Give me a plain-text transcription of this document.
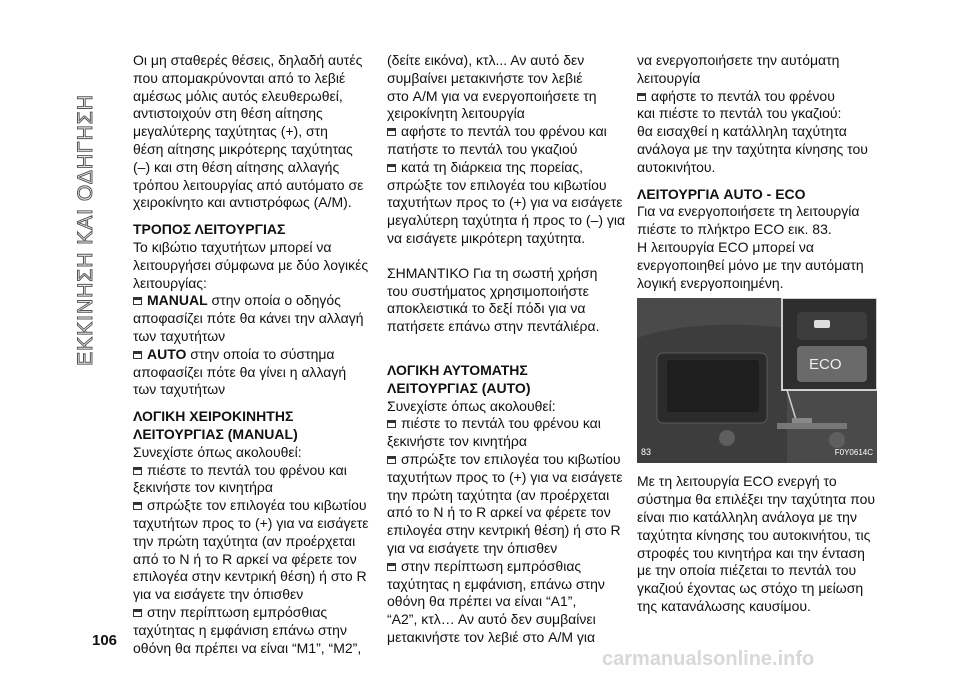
ΕΚΚΙΝΗΣΗ ΚΑΙ ΟΔΗΓΗΣΗ

Οι μη σταθερές θέσεις, δηλαδή αυτές

που απομακρύνονται από το λεβιέ

αμέσως μόλις αυτός ελευθερωθεί,

αντιστοιχούν στη θέση αίτησης

μεγαλύτερης ταχύτητας (+), στη

θέση αίτησης μικρότερης ταχύτητας

(–) και στη θέση αίτησης αλλαγής

τρόπου λειτουργίας από αυτόματο σε

χειροκίνητο και αντιστρόφως (A/M).

ΤΡΟΠΟΣ ΛΕΙΤΟΥΡΓΙΑΣ

Το κιβώτιο ταχυτήτων μπορεί να

λειτουργήσει σύμφωνα με δύο λογικές

λειτουργίας:

MANUAL στην οποία ο οδηγός

αποφασίζει πότε θα κάνει την αλλαγή

των ταχυτήτων

AUTO στην οποία το σύστημα

αποφασίζει πότε θα γίνει η αλλαγή

των ταχυτήτων

ΛΟΓΙΚΗ ΧΕΙΡΟΚΙΝΗΤΗΣ

ΛΕΙΤΟΥΡΓΙΑΣ (MANUAL)

Συνεχίστε όπως ακολουθεί:

πιέστε το πεντάλ του φρένου και

ξεκινήστε τον κινητήρα

σπρώξτε τον επιλογέα του κιβωτίου

ταχυτήτων προς το (+) για να εισάγετε

την πρώτη ταχύτητα (αν προέρχεται

από το N ή το R αρκεί να φέρετε τον

επιλογέα στην κεντρική θέση) ή στο R

για να εισάγετε την όπισθεν

στην περίπτωση εμπρόσθιας

ταχύτητας η εμφάνιση επάνω στην

οθόνη θα πρέπει να είναι “M1”, “M2”,

(δείτε εικόνα), κτλ... Αν αυτό δεν

συμβαίνει μετακινήστε τον λεβιέ

στο A/M για να ενεργοποιήσετε τη

χειροκίνητη λειτουργία

αφήστε το πεντάλ του φρένου και

πατήστε το πεντάλ του γκαζιού

κατά τη διάρκεια της πορείας,

σπρώξτε τον επιλογέα του κιβωτίου

ταχυτήτων προς το (+) για να εισάγετε

μεγαλύτερη ταχύτητα ή προς το (–) για

να εισάγετε μικρότερη ταχύτητα.

ΣΗΜΑΝΤΙΚΟ Για τη σωστή χρήση

του συστήματος χρησιμοποιήστε

αποκλειστικά το δεξί πόδι για να

πατήσετε επάνω στην πεντάλιέρα.

ΛΟΓΙΚΗ ΑΥΤΟΜΑΤΗΣ

ΛΕΙΤΟΥΡΓΙΑΣ (AUTO)

Συνεχίστε όπως ακολουθεί:

πιέστε το πεντάλ του φρένου και

ξεκινήστε τον κινητήρα

σπρώξτε τον επιλογέα του κιβωτίου

ταχυτήτων προς το (+) για να εισάγετε

την πρώτη ταχύτητα (αν προέρχεται

από το N ή το R αρκεί να φέρετε τον

επιλογέα στην κεντρική θέση) ή στο R

για να εισάγετε την όπισθεν

στην περίπτωση εμπρόσθιας

ταχύτητας η εμφάνιση, επάνω στην

οθόνη θα πρέπει να είναι “A1”,

“A2”, κτλ… Αν αυτό δεν συμβαίνει

μετακινήστε τον λεβιέ στο A/M για

να ενεργοποιήσετε την αυτόματη

λειτουργία

αφήστε το πεντάλ του φρένου

και πιέστε το πεντάλ του γκαζιού:

θα εισαχθεί η κατάλληλη ταχύτητα

ανάλογα με την ταχύτητα κίνησης του

αυτοκινήτου.

ΛΕΙΤΟΥΡΓΙΑ AUTO - ECO

Για να ενεργοποιήσετε τη λειτουργία

πιέστε το πλήκτρο ECO εικ. 83.

Η λειτουργία ECO μπορεί να

ενεργοποιηθεί μόνο με την αυτόματη

λογική ενεργοποιημένη.

ECO
83	F0Y0614C

Με τη λειτουργία ECO ενεργή το

σύστημα θα επιλέξει την ταχύτητα που

είναι πιο κατάλληλη ανάλογα με την

ταχύτητα κίνησης του αυτοκινήτου, τις

στροφές του κινητήρα και την ένταση

με την οποία πιέζεται το πεντάλ του

γκαζιού έχοντας ως στόχο τη μείωση

της κατανάλωσης καυσίμου.

106
carmanualsonline.info
